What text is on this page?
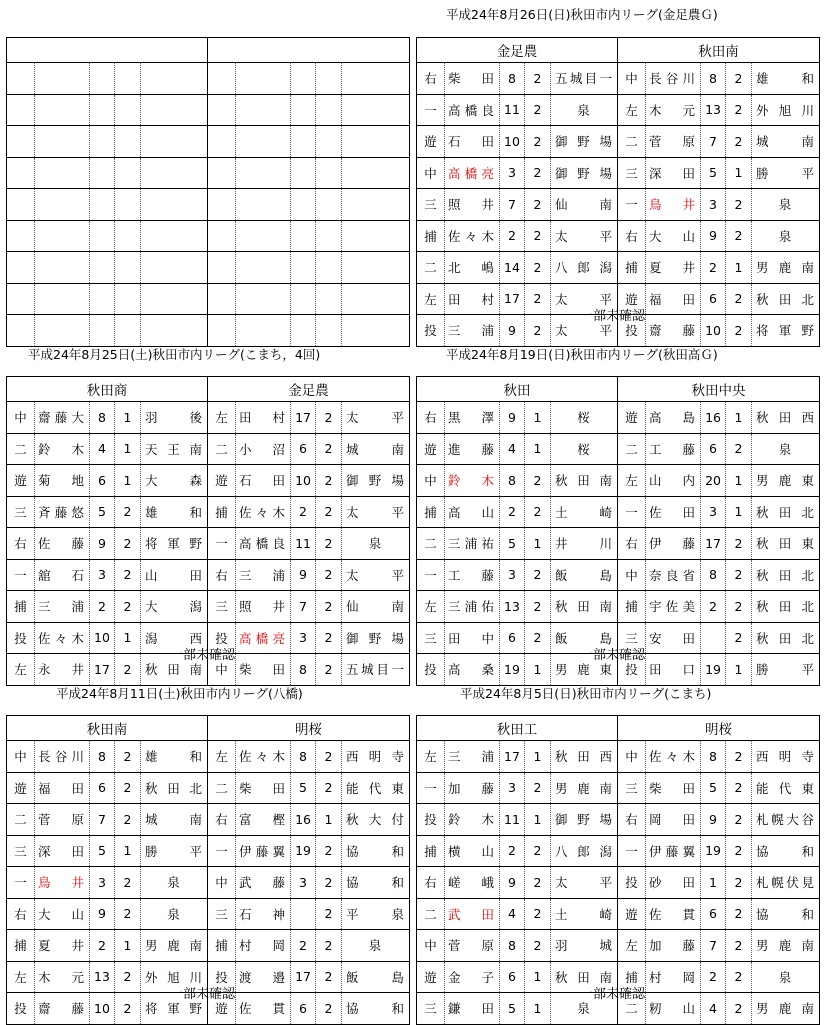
平成24年8月26日(日)秋田市内リーグ(金足農Ｇ)
金足農					秋田南				
右	柴田	8	2	五城目一	中	長谷川	8	2	雄和
一	高橋良	11	2	泉	左	木元	13	2	外旭川
遊	石田	10	2	御野場	二	菅原	7	2	城南
中	高橋亮	3	2	御野場	三	深田	5	1	勝平
三	照井	7	2	仙南	一	鳥井	3	2	泉
捕	佐々木	2	2	太平	右	大山	9	2	泉
二	北嶋	14	2	八郎潟	捕	夏井	2	1	男鹿南
左	田村	17	2	太平	遊	福田	6	2	秋田北
投	三浦	9	2	太平	投	齋藤	10	2	将軍野
一部未確認
平成24年8月25日(土)秋田市内リーグ(こまち，4回)
秋田商					金足農				
中	齋藤大	8	1	羽後	左	田村	17	2	太平
二	鈴木	4	1	天王南	二	小沼	6	2	城南
遊	菊地	6	1	大森	遊	石田	10	2	御野場
三	斉藤悠	5	2	雄和	捕	佐々木	2	2	太平
右	佐藤	9	2	将軍野	一	高橋良	11	2	泉
一	舘石	3	2	山田	右	三浦	9	2	太平
捕	三浦	2	2	大潟	三	照井	7	2	仙南
投	佐々木	10	1	潟西	投	高橋亮	3	2	御野場
左	永井	17	2	秋田南	中	柴田	8	2	五城目一
一部未確認
平成24年8月19日(日)秋田市内リーグ(秋田高Ｇ)
秋田					秋田中央				
右	黒澤	9	1	桜	遊	高島	16	1	秋田西
遊	進藤	4	1	桜	二	工藤	6	2	泉
中	鈴木	8	2	秋田南	左	山内	20	1	男鹿東
捕	高山	2	2	土崎	一	佐田	3	1	秋田北
二	三浦祐	5	1	井川	右	伊藤	17	2	秋田東
一	工藤	3	2	飯島	中	奈良省	8	2	秋田北
左	三浦佑	13	2	秋田南	捕	宇佐美	2	2	秋田北
三	田中	6	2	飯島	三	安田		2	秋田北
投	高桑	19	1	男鹿東	投	田口	19	1	勝平
一部未確認
平成24年8月11日(土)秋田市内リーグ(八橋)
秋田南					明桜				
中	長谷川	8	2	雄和	左	佐々木	8	2	西明寺
遊	福田	6	2	秋田北	二	柴田	5	2	能代東
二	菅原	7	2	城南	右	富樫	16	1	秋大付
三	深田	5	1	勝平	一	伊藤翼	19	2	協和
一	鳥井	3	2	泉	中	武藤	3	2	協和
右	大山	9	2	泉	三	石神		2	平泉
捕	夏井	2	1	男鹿南	捕	村岡	2	2	泉
左	木元	13	2	外旭川	投	渡邉	17	2	飯島
投	齋藤	10	2	将軍野	遊	佐貫	6	2	協和
一部未確認
平成24年8月5日(日)秋田市内リーグ(こまち)
秋田工					明桜				
左	三浦	17	1	秋田西	中	佐々木	8	2	西明寺
一	加藤	3	2	男鹿南	三	柴田	5	2	能代東
投	鈴木	11	1	御野場	右	岡田	9	2	札幌大谷
捕	横山	2	2	八郎潟	一	伊藤翼	19	2	協和
右	嵯峨	9	2	太平	投	砂田	1	2	札幌伏見
二	武田	4	2	土崎	遊	佐貫	6	2	協和
中	菅原	8	2	羽城	左	加藤	7	2	男鹿南
遊	金子	6	1	秋田南	捕	村岡	2	2	泉
三	鎌田	5	1	泉	二	籾山	4	2	男鹿南
一部未確認
